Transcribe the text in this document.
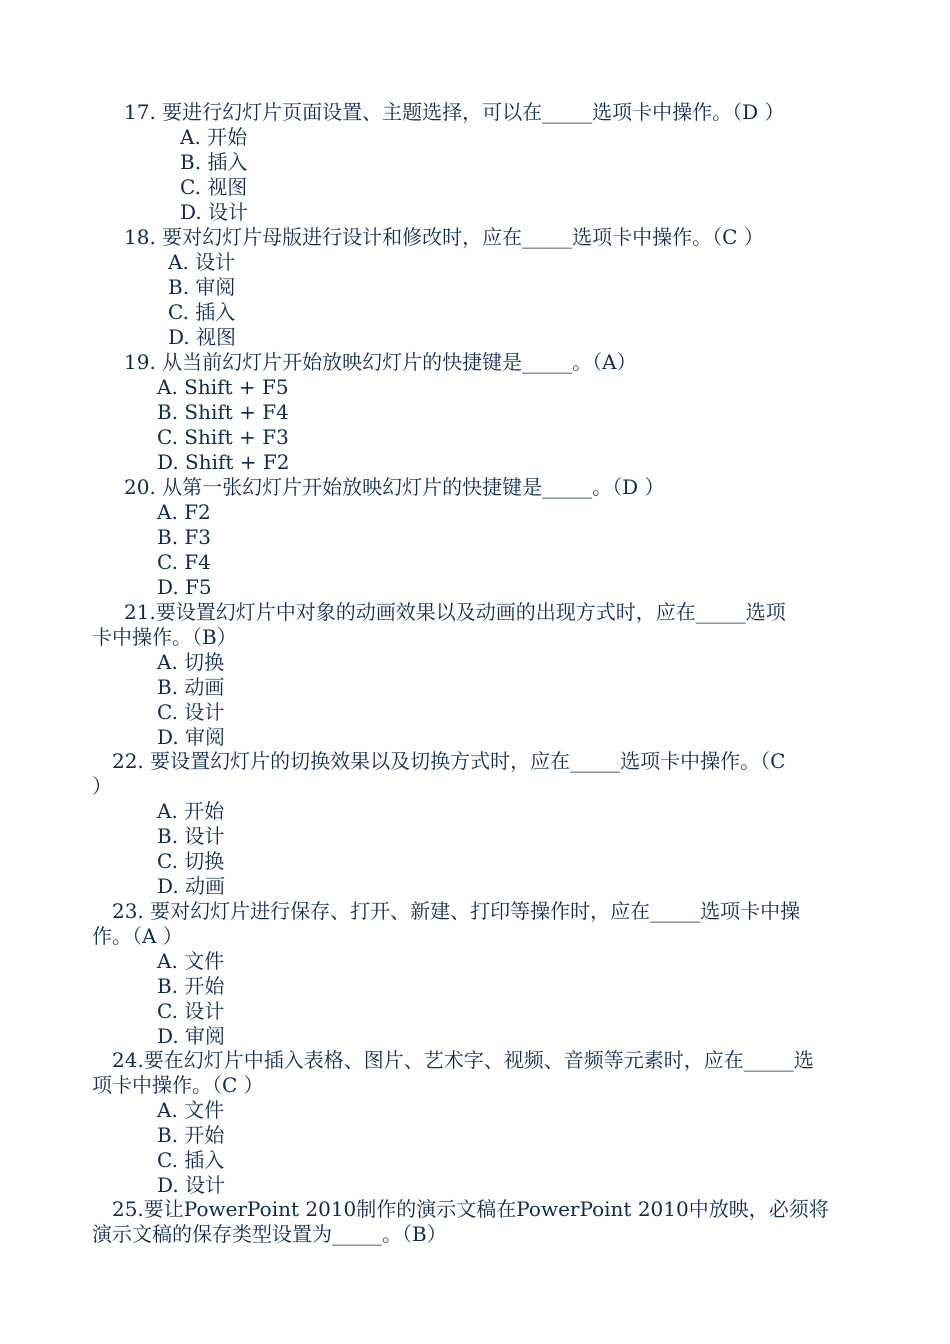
17. 要进行幻灯片页面设置、主题选择，可以在_____选项卡中操作。（D ）
A. 开始
B. 插入
C. 视图
D. 设计
18. 要对幻灯片母版进行设计和修改时，应在_____选项卡中操作。（C ）
A. 设计
B. 审阅
C. 插入
D. 视图
19. 从当前幻灯片开始放映幻灯片的快捷键是_____。（A）
A. Shift + F5
B. Shift + F4
C. Shift + F3
D. Shift + F2
20. 从第一张幻灯片开始放映幻灯片的快捷键是_____。（D ）
A. F2
B. F3
C. F4
D. F5
21.要设置幻灯片中对象的动画效果以及动画的出现方式时，应在_____选项
卡中操作。（B）
A. 切换
B. 动画
C. 设计
D. 审阅
22. 要设置幻灯片的切换效果以及切换方式时，应在_____选项卡中操作。（C
）
A. 开始
B. 设计
C. 切换
D. 动画
23. 要对幻灯片进行保存、打开、新建、打印等操作时，应在_____选项卡中操
作。（A ）
A. 文件
B. 开始
C. 设计
D. 审阅
24.要在幻灯片中插入表格、图片、艺术字、视频、音频等元素时，应在_____选
项卡中操作。（C ）
A. 文件
B. 开始
C. 插入
D. 设计
25.要让PowerPoint 2010制作的演示文稿在PowerPoint 2010中放映，必须将
演示文稿的保存类型设置为_____。（B）
